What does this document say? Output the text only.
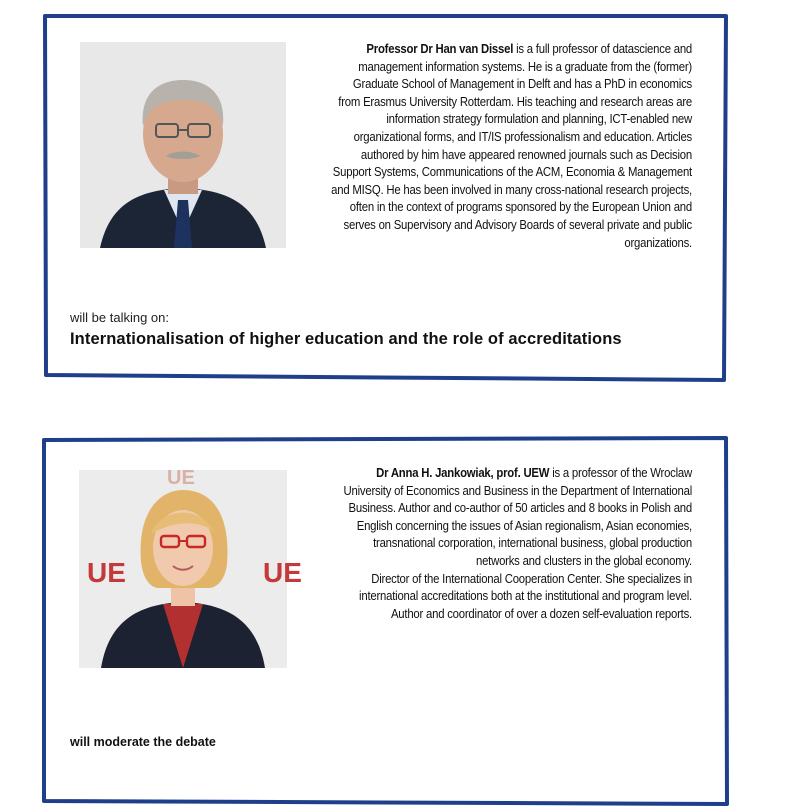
Professor Dr Han van Dissel is a full professor of datascience and
management information systems. He is a graduate from the (former)
Graduate School of Management in Delft and has a PhD in economics
from Erasmus University Rotterdam. His teaching and research areas are
information strategy formulation and planning, ICT-enabled new
organizational forms, and IT/IS professionalism and education. Articles
authored by him have appeared renowned journals such as Decision
Support Systems, Communications of the ACM, Economia & Management
and MISQ. He has been involved in many cross-national research projects,
often in the context of programs sponsored by the European Union and
serves on Supervisory and Advisory Boards of several private and public
organizations.
will be talking on:
Internationalisation of higher education and the role of accreditations
UE	UE
UE	Dr Anna H. Jankowiak, prof. UEW is a professor of the Wroclaw
University of Economics and Business in the Department of International
Business. Author and co-author of 50 articles and 8 books in Polish and
English concerning the issues of Asian regionalism, Asian economies,
transnational corporation, international business, global production
networks and clusters in the global economy.
Director of the International Cooperation Center. She specializes in
international accreditations both at the institutional and program level.
Author and coordinator of over a dozen self-evaluation reports.
will moderate the debate
